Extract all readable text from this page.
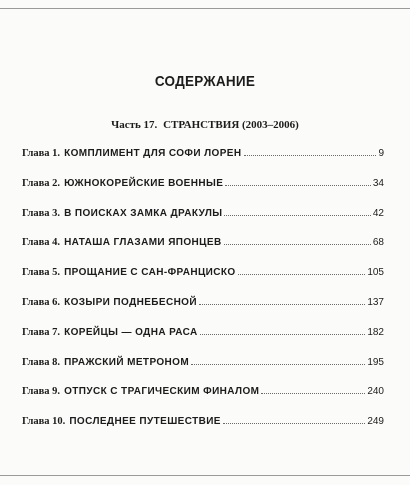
СОДЕРЖАНИЕ
Часть 17. СТРАНСТВИЯ (2003–2006)
Глава 1. КОМПЛИМЕНТ ДЛЯ СОФИ ЛОРЕН	9
Глава 2. ЮЖНОКОРЕЙСКИЕ ВОЕННЫЕ	34
Глава 3. В ПОИСКАХ ЗАМКА ДРАКУЛЫ	42
Глава 4. НАТАША ГЛАЗАМИ ЯПОНЦЕВ	68
Глава 5. ПРОЩАНИЕ С САН-ФРАНЦИСКО	105
Глава 6. КОЗЫРИ ПОДНЕБЕСНОЙ	137
Глава 7. КОРЕЙЦЫ — ОДНА РАСА	182
Глава 8. ПРАЖСКИЙ МЕТРОНОМ	195
Глава 9. ОТПУСК С ТРАГИЧЕСКИМ ФИНАЛОМ	240
Глава 10. ПОСЛЕДНЕЕ ПУТЕШЕСТВИЕ	249
